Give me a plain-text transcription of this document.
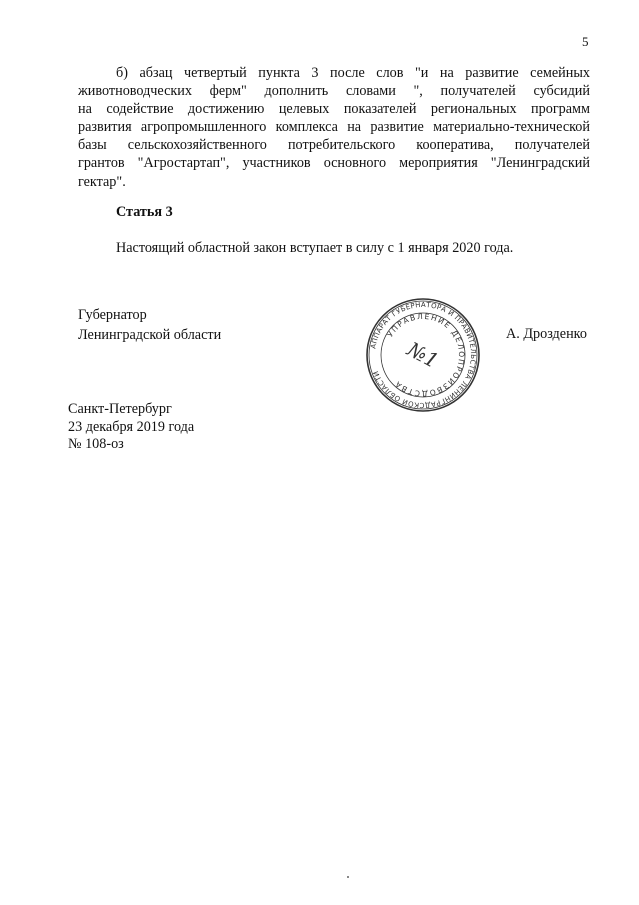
5
б) абзац четвертый пункта 3 после слов "и на развитие семейных
животноводческих ферм" дополнить словами ", получателей субсидий
на содействие достижению целевых показателей региональных программ
развития агропромышленного комплекса на развитие материально-технической
базы сельскохозяйственного потребительского кооператива, получателей
грантов "Агростартап", участников основного мероприятия "Ленинградский
гектар".
Статья 3
Настоящий областной закон вступает в силу с 1 января 2020 года.
Губернатор
Ленинградской области
АППАРАТ ГУБЕРНАТОРА И ПРАВИТЕЛЬСТВА ЛЕНИНГРАДСКОЙ ОБЛАСТИ
УПРАВЛЕНИЕ ДЕЛОПРОИЗВОДСТВА
№1
А. Дрозденко
Санкт-Петербург
23 декабря 2019 года
№ 108-оз
